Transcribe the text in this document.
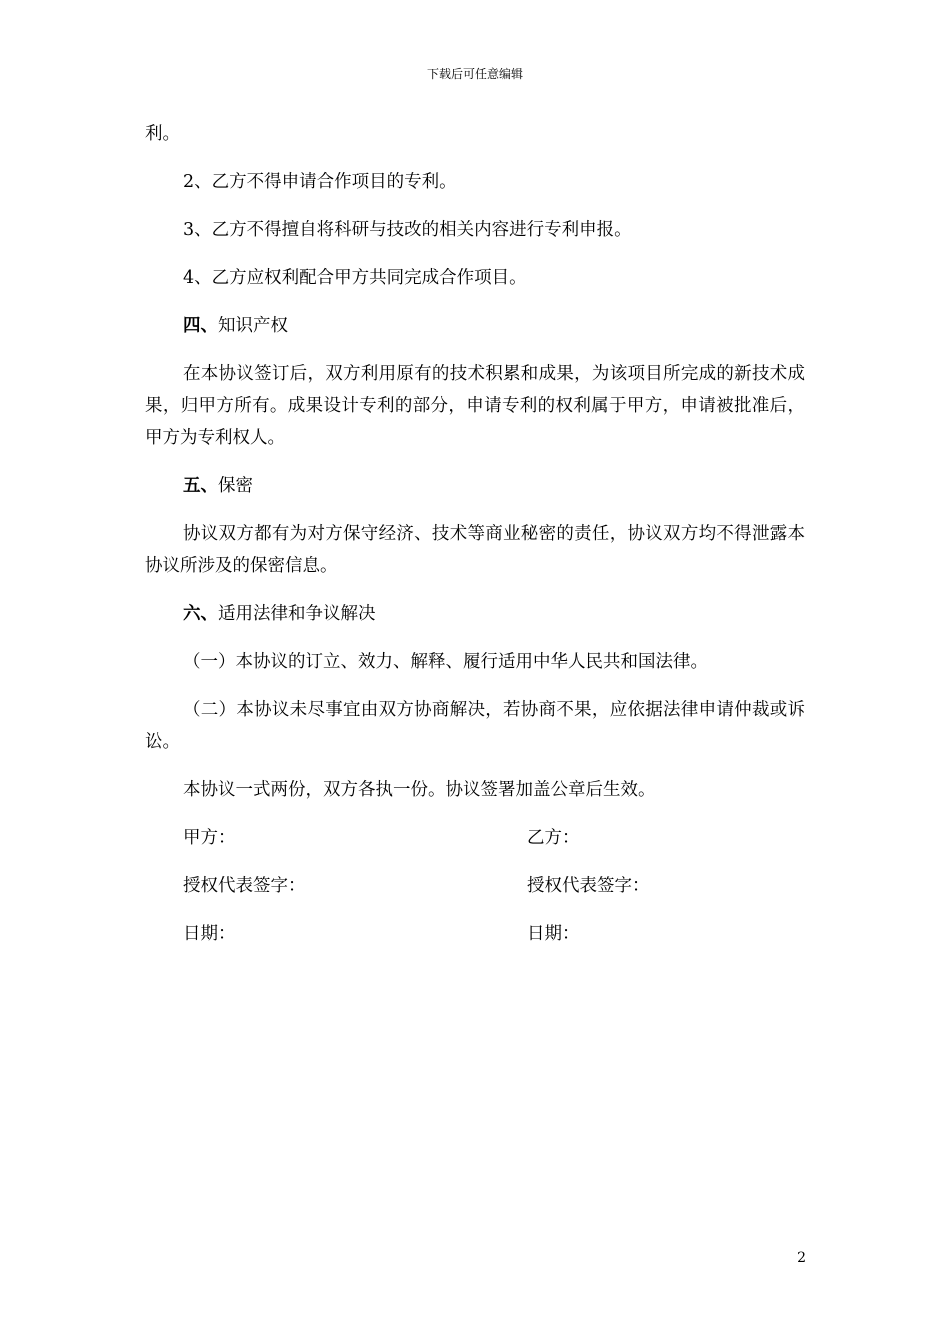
下载后可任意编辑

利。

2、乙方不得申请合作项目的专利。

3、乙方不得擅自将科研与技改的相关内容进行专利申报。

4、乙方应权利配合甲方共同完成合作项目。

四、知识产权

在本协议签订后，双方利用原有的技术积累和成果，为该项目所完成的新技术成果，归甲方所有。成果设计专利的部分，申请专利的权利属于甲方，申请被批准后，甲方为专利权人。

五、保密

协议双方都有为对方保守经济、技术等商业秘密的责任，协议双方均不得泄露本协议所涉及的保密信息。

六、适用法律和争议解决

（一）本协议的订立、效力、解释、履行适用中华人民共和国法律。

（二）本协议未尽事宜由双方协商解决，若协商不果，应依据法律申请仲裁或诉讼。

本协议一式两份，双方各执一份。协议签署加盖公章后生效。

甲方：	乙方：
授权代表签字：	授权代表签字：
日期：	日期：
2
